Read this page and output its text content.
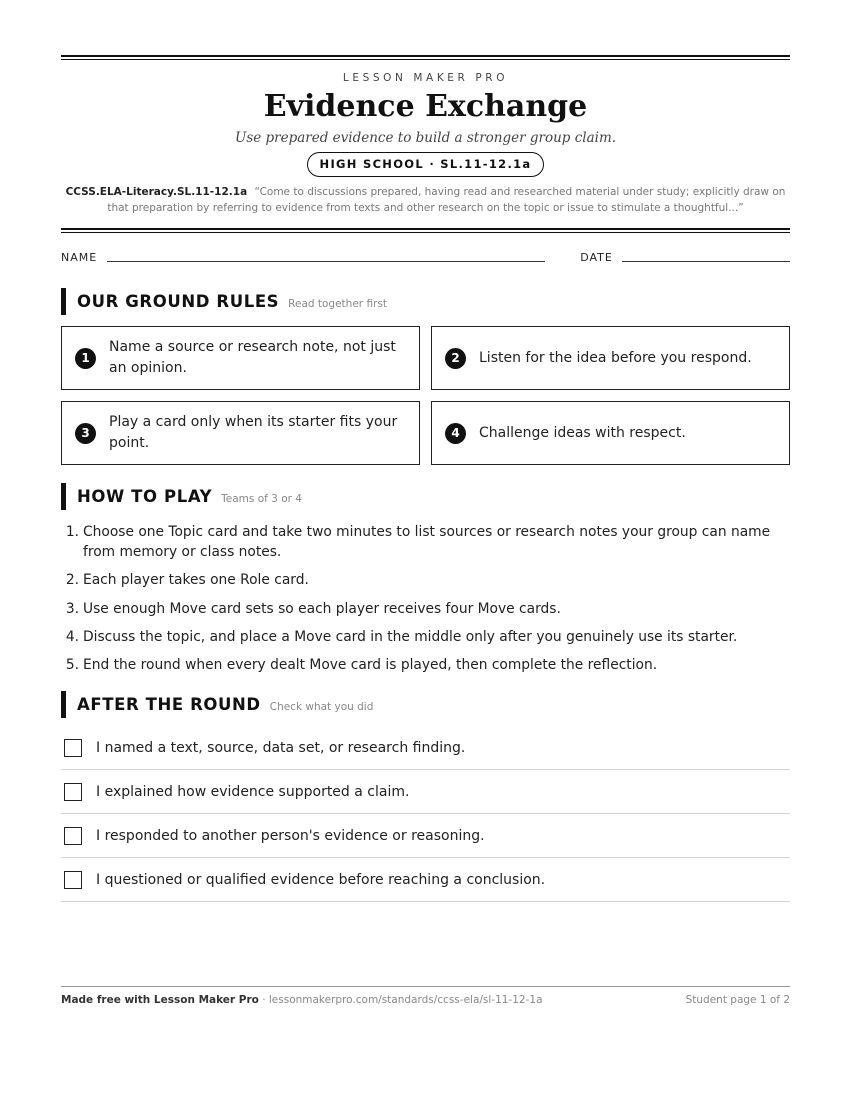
LESSON MAKER PRO
Evidence Exchange
Use prepared evidence to build a stronger group claim.
HIGH SCHOOL · SL.11-12.1a
CCSS.ELA-Literacy.SL.11-12.1a “Come to discussions prepared, having read and researched material under study; explicitly draw on that preparation by referring to evidence from texts and other research on the topic or issue to stimulate a thoughtful...”
NAME	DATE
OUR GROUND RULES Read together first
1
Name a source or research note, not just an opinion.
2	Listen for the idea before you respond.
3
Play a card only when its starter fits your point.
4	Challenge ideas with respect.
HOW TO PLAY Teams of 3 or 4
1. Choose one Topic card and take two minutes to list sources or research notes your group can name from memory or class notes.
2. Each player takes one Role card.
3. Use enough Move card sets so each player receives four Move cards.
4. Discuss the topic, and place a Move card in the middle only after you genuinely use its starter.
5. End the round when every dealt Move card is played, then complete the reflection.
AFTER THE ROUND Check what you did
I named a text, source, data set, or research finding.
I explained how evidence supported a claim.
I responded to another person's evidence or reasoning.
I questioned or qualified evidence before reaching a conclusion.
Made free with Lesson Maker Pro · lessonmakerpro.com/standards/ccss-ela/sl-11-12-1a	Student page 1 of 2
